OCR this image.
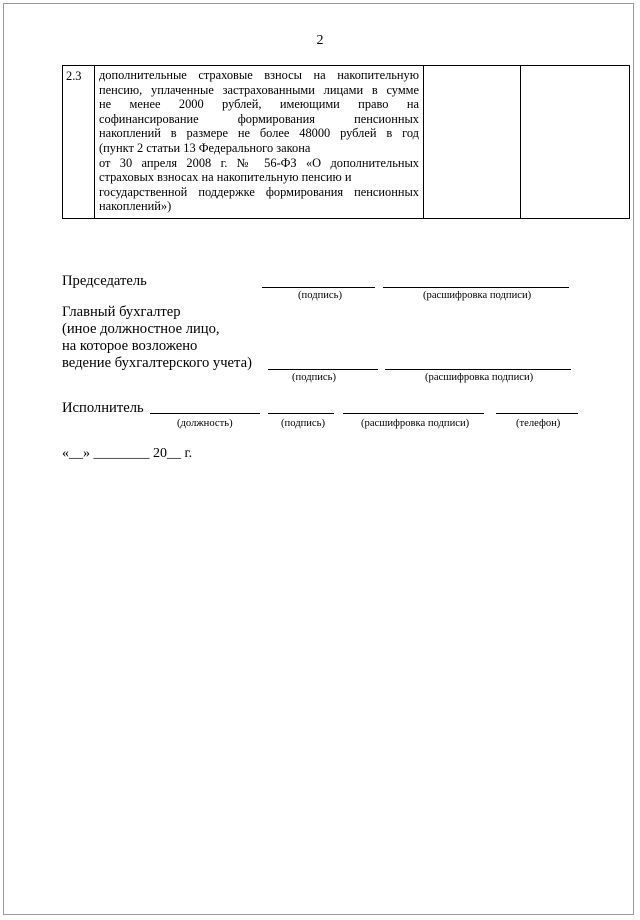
2
2.3	дополнительные страховые взносы на накопительную
пенсию, уплаченные застрахованными лицами в сумме
не менее 2000 рублей, имеющими право на
софинансирование формирования пенсионных
накоплений в размере не более 48000 рублей в год
(пункт 2 статьи 13 Федерального закона
от 30 апреля 2008 г. № 56-ФЗ «О дополнительных
страховых взносах на накопительную пенсию и
государственной поддержке формирования пенсионных
накоплений»)

Председатель
(подпись)	(расшифровка подписи)
Главный бухгалтер
(иное должностное лицо,
на которое возложено
ведение бухгалтерского учета)
(подпись)	(расшифровка подписи)
Исполнитель
(должность)	(подпись)	(расшифровка подписи)	(телефон)
«__» ________ 20__ г.
